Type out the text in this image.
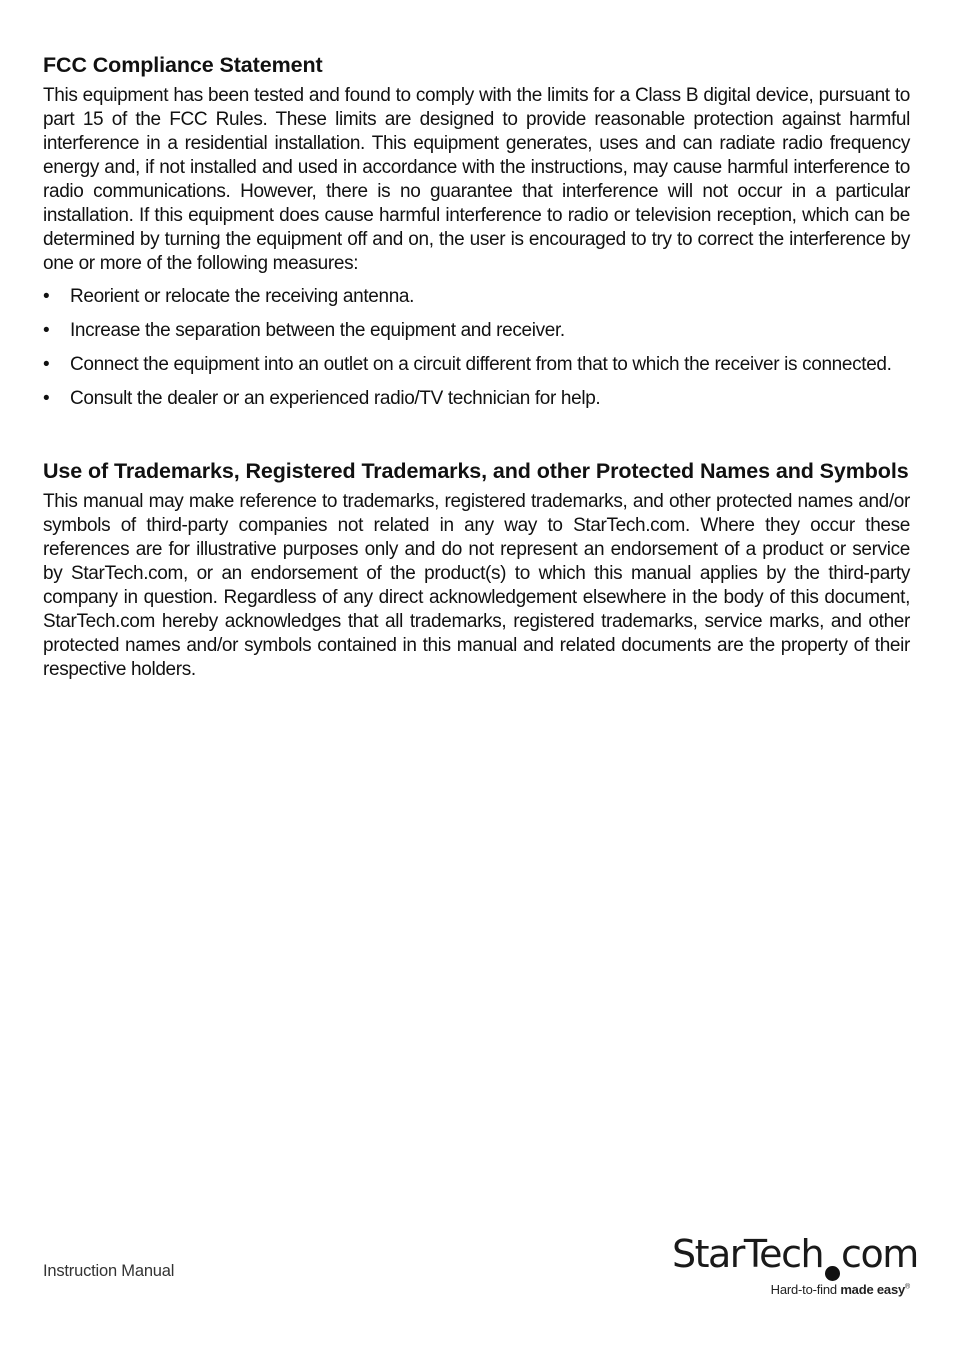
FCC Compliance Statement

This equipment has been tested and found to comply with the limits for a Class B digital device, pursuant to part 15 of the FCC Rules. These limits are designed to provide reasonable protection against harmful interference in a residential installation. This equipment generates, uses and can radiate radio frequency energy and, if not installed and used in accordance with the instructions, may cause harmful interference to radio communications. However, there is no guarantee that interference will not occur in a particular installation. If this equipment does cause harmful interference to radio or television reception, which can be determined by turning the equipment off and on, the user is encouraged to try to correct the interference by one or more of the following measures:

• Reorient or relocate the receiving antenna.
• Increase the separation between the equipment and receiver.
• Connect the equipment into an outlet on a circuit different from that to which the receiver is connected.
• Consult the dealer or an experienced radio/TV technician for help.
Use of Trademarks, Registered Trademarks, and other Protected Names and Symbols

This manual may make reference to trademarks, registered trademarks, and other protected names and/or symbols of third-party companies not related in any way to StarTech.com. Where they occur these references are for illustrative purposes only and do not represent an endorsement of a product or service by StarTech.com, or an endorsement of the product(s) to which this manual applies by the third-party company in question. Regardless of any direct acknowledgement elsewhere in the body of this document, StarTech.com hereby acknowledges that all trademarks, registered trademarks, service marks, and other protected names and/or symbols contained in this manual and related documents are the property of their respective holders.

Instruction Manual	StarTech com
Hard-to-find made easy®
